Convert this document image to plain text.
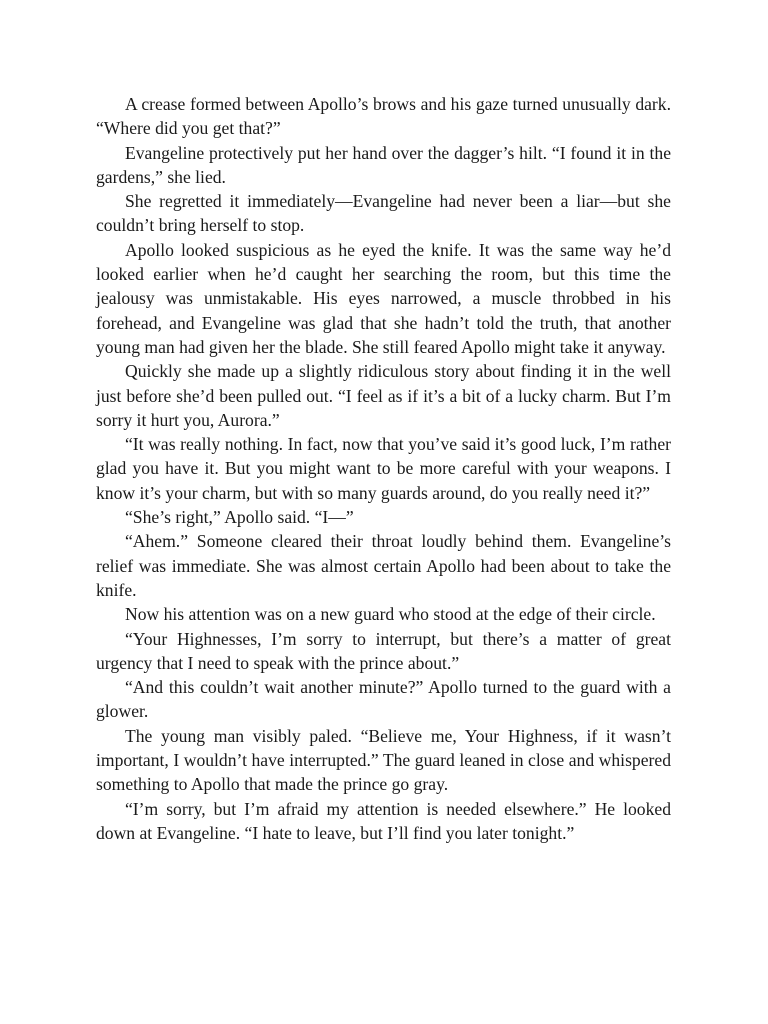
A crease formed between Apollo’s brows and his gaze turned unusually dark. “Where did you get that?”

Evangeline protectively put her hand over the dagger’s hilt. “I found it in the gardens,” she lied.

She regretted it immediately—Evangeline had never been a liar—but she couldn’t bring herself to stop.

Apollo looked suspicious as he eyed the knife. It was the same way he’d looked earlier when he’d caught her searching the room, but this time the jealousy was unmistakable. His eyes narrowed, a muscle throbbed in his forehead, and Evangeline was glad that she hadn’t told the truth, that another young man had given her the blade. She still feared Apollo might take it anyway.

Quickly she made up a slightly ridiculous story about finding it in the well just before she’d been pulled out. “I feel as if it’s a bit of a lucky charm. But I’m sorry it hurt you, Aurora.”

“It was really nothing. In fact, now that you’ve said it’s good luck, I’m rather glad you have it. But you might want to be more careful with your weapons. I know it’s your charm, but with so many guards around, do you really need it?”

“She’s right,” Apollo said. “I—”

“Ahem.” Someone cleared their throat loudly behind them. Evangeline’s relief was immediate. She was almost certain Apollo had been about to take the knife.

Now his attention was on a new guard who stood at the edge of their circle.

“Your Highnesses, I’m sorry to interrupt, but there’s a matter of great urgency that I need to speak with the prince about.”

“And this couldn’t wait another minute?” Apollo turned to the guard with a glower.

The young man visibly paled. “Believe me, Your Highness, if it wasn’t important, I wouldn’t have interrupted.” The guard leaned in close and whispered something to Apollo that made the prince go gray.

“I’m sorry, but I’m afraid my attention is needed elsewhere.” He looked down at Evangeline. “I hate to leave, but I’ll find you later tonight.”
